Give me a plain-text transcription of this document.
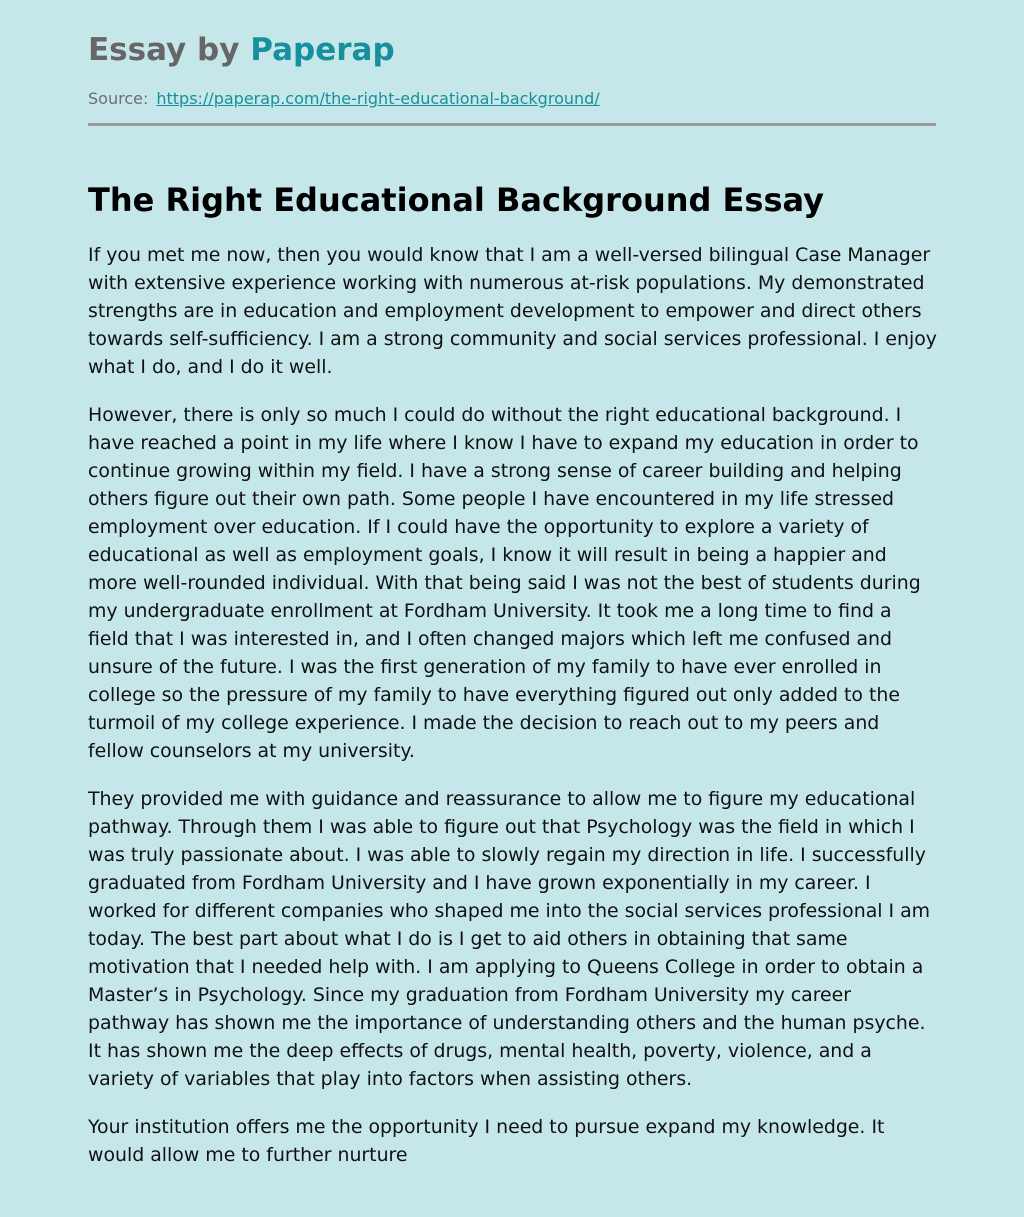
Essay by Paperap
Source: https://paperap.com/the-right-educational-background/
The Right Educational Background Essay

If you met me now, then you would know that I am a well-versed bilingual Case Manager with extensive experience working with numerous at-risk populations. My demonstrated strengths are in education and employment development to empower and direct others towards self-sufficiency. I am a strong community and social services professional. I enjoy what I do, and I do it well.

However, there is only so much I could do without the right educational background. I have reached a point in my life where I know I have to expand my education in order to continue growing within my field. I have a strong sense of career building and helping others figure out their own path. Some people I have encountered in my life stressed employment over education. If I could have the opportunity to explore a variety of educational as well as employment goals, I know it will result in being a happier and more well-rounded individual. With that being said I was not the best of students during my undergraduate enrollment at Fordham University. It took me a long time to find a field that I was interested in, and I often changed majors which left me confused and unsure of the future. I was the first generation of my family to have ever enrolled in college so the pressure of my family to have everything figured out only added to the turmoil of my college experience. I made the decision to reach out to my peers and fellow counselors at my university.

They provided me with guidance and reassurance to allow me to figure my educational pathway. Through them I was able to figure out that Psychology was the field in which I was truly passionate about. I was able to slowly regain my direction in life. I successfully graduated from Fordham University and I have grown exponentially in my career. I worked for different companies who shaped me into the social services professional I am today. The best part about what I do is I get to aid others in obtaining that same motivation that I needed help with. I am applying to Queens College in order to obtain a Master’s in Psychology. Since my graduation from Fordham University my career pathway has shown me the importance of understanding others and the human psyche. It has shown me the deep effects of drugs, mental health, poverty, violence, and a variety of variables that play into factors when assisting others.

Your institution offers me the opportunity I need to pursue expand my knowledge. It would allow me to further nurture
